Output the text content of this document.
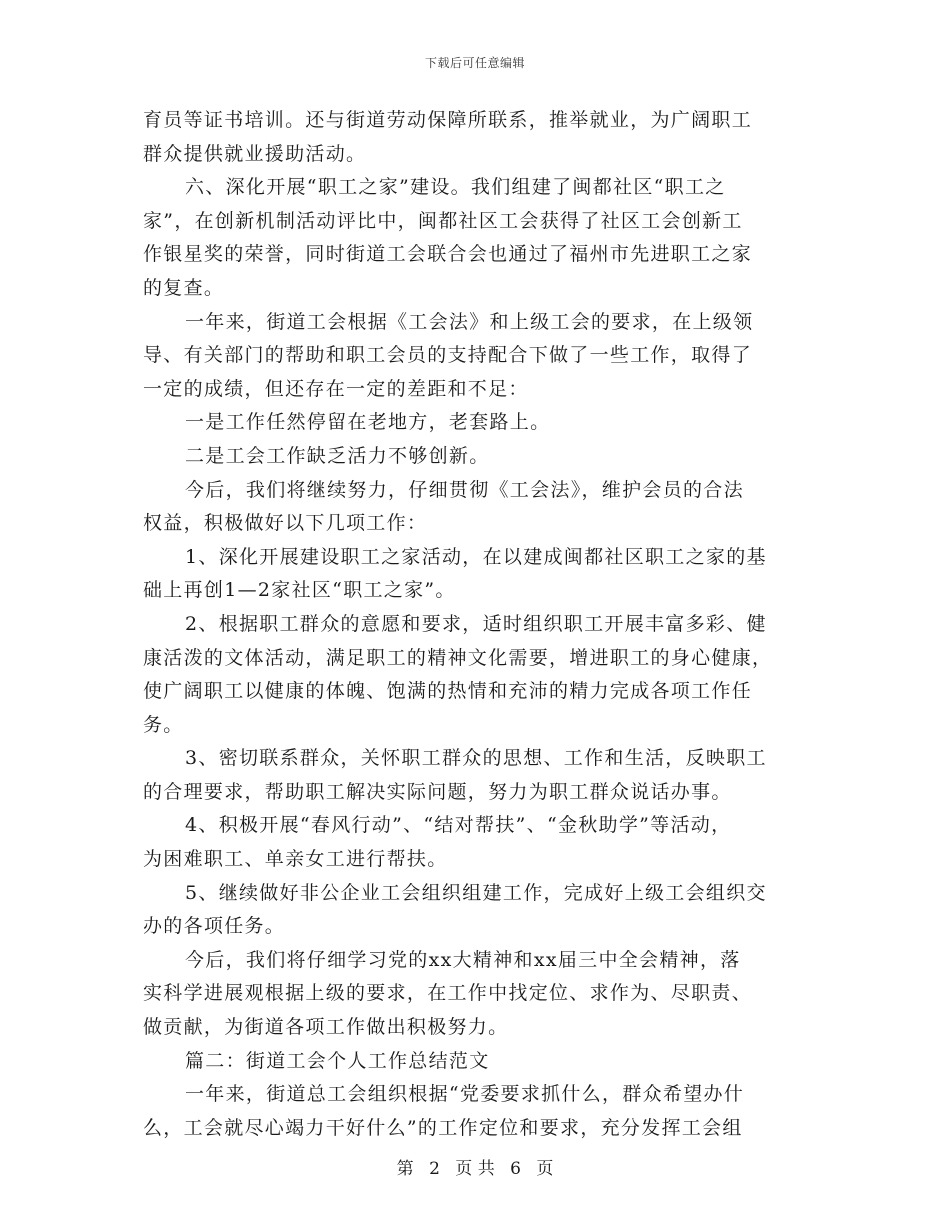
下载后可任意编辑
育员等证书培训。还与街道劳动保障所联系，推举就业，为广阔职工
群众提供就业援助活动。
六、深化开展“职工之家”建设。我们组建了闽都社区“职工之
家”，在创新机制活动评比中，闽都社区工会获得了社区工会创新工
作银星奖的荣誉，同时街道工会联合会也通过了福州市先进职工之家
的复查。
一年来，街道工会根据《工会法》和上级工会的要求，在上级领
导、有关部门的帮助和职工会员的支持配合下做了一些工作，取得了
一定的成绩，但还存在一定的差距和不足：
一是工作任然停留在老地方，老套路上。
二是工会工作缺乏活力不够创新。
今后，我们将继续努力，仔细贯彻《工会法》，维护会员的合法
权益，积极做好以下几项工作：
1、深化开展建设职工之家活动，在以建成闽都社区职工之家的基
础上再创1—2家社区“职工之家”。
2、根据职工群众的意愿和要求，适时组织职工开展丰富多彩、健
康活泼的文体活动，满足职工的精神文化需要，增进职工的身心健康，
使广阔职工以健康的体魄、饱满的热情和充沛的精力完成各项工作任
务。
3、密切联系群众，关怀职工群众的思想、工作和生活，反映职工
的合理要求，帮助职工解决实际问题，努力为职工群众说话办事。
4、积极开展“春风行动”、“结对帮扶”、“金秋助学”等活动，
为困难职工、单亲女工进行帮扶。
5、继续做好非公企业工会组织组建工作，完成好上级工会组织交
办的各项任务。
今后，我们将仔细学习党的xx大精神和xx届三中全会精神，落
实科学进展观根据上级的要求，在工作中找定位、求作为、尽职责、
做贡献，为街道各项工作做出积极努力。
篇二：街道工会个人工作总结范文
一年来，街道总工会组织根据“党委要求抓什么，群众希望办什
么，工会就尽心竭力干好什么”的工作定位和要求，充分发挥工会组
第 2 页 共 6 页
